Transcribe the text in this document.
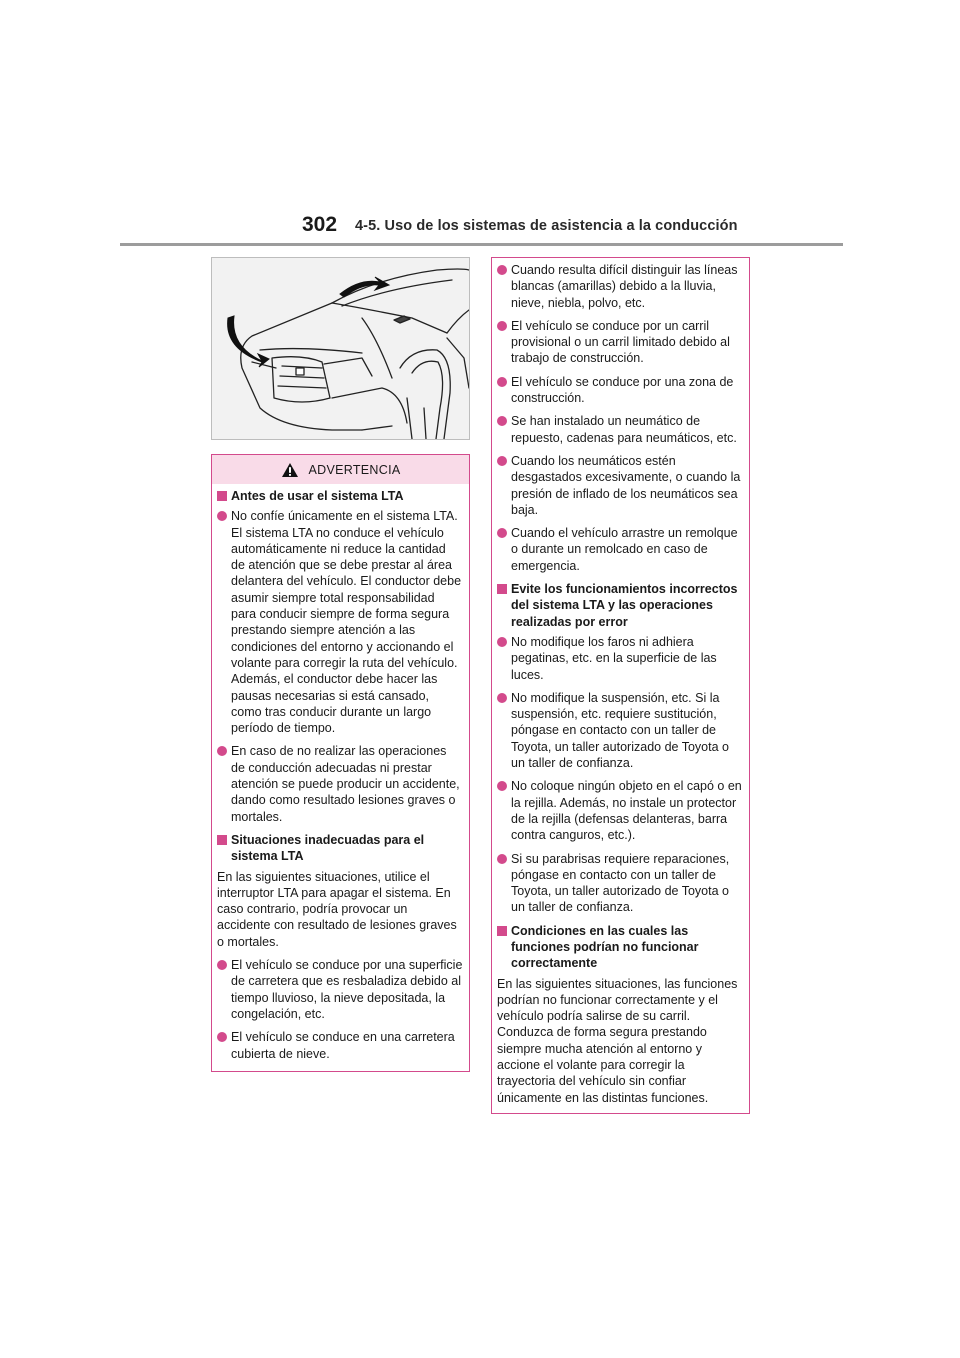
302 4-5. Uso de los sistemas de asistencia a la conducción
ADVERTENCIA
Antes de usar el sistema LTA
No confíe únicamente en el sistema LTA. El sistema LTA no conduce el vehículo automáticamente ni reduce la cantidad de atención que se debe prestar al área delantera del vehículo. El conductor debe asumir siempre total responsabilidad para conducir siempre de forma segura prestando siempre atención a las condiciones del entorno y accionando el volante para corregir la ruta del vehículo. Además, el conductor debe hacer las pausas necesarias si está cansado, como tras conducir durante un largo período de tiempo.
En caso de no realizar las operaciones de conducción adecuadas ni prestar atención se puede producir un accidente, dando como resultado lesiones graves o mortales.
Situaciones inadecuadas para el sistema LTA
En las siguientes situaciones, utilice el interruptor LTA para apagar el sistema. En caso contrario, podría provocar un accidente con resultado de lesiones graves o mortales.
El vehículo se conduce por una superficie de carretera que es resbaladiza debido al tiempo lluvioso, la nieve depositada, la congelación, etc.
El vehículo se conduce en una carretera cubierta de nieve.
Cuando resulta difícil distinguir las líneas blancas (amarillas) debido a la lluvia, nieve, niebla, polvo, etc.
El vehículo se conduce por un carril provisional o un carril limitado debido al trabajo de construcción.
El vehículo se conduce por una zona de construcción.
Se han instalado un neumático de repuesto, cadenas para neumáticos, etc.
Cuando los neumáticos estén desgastados excesivamente, o cuando la presión de inflado de los neumáticos sea baja.
Cuando el vehículo arrastre un remolque o durante un remolcado en caso de emergencia.
Evite los funcionamientos incorrectos del sistema LTA y las operaciones realizadas por error
No modifique los faros ni adhiera pegatinas, etc. en la superficie de las luces.
No modifique la suspensión, etc. Si la suspensión, etc. requiere sustitución, póngase en contacto con un taller de Toyota, un taller autorizado de Toyota o un taller de confianza.
No coloque ningún objeto en el capó o en la rejilla. Además, no instale un protector de la rejilla (defensas delanteras, barra contra canguros, etc.).
Si su parabrisas requiere reparaciones, póngase en contacto con un taller de Toyota, un taller autorizado de Toyota o un taller de confianza.
Condiciones en las cuales las funciones podrían no funcionar correctamente
En las siguientes situaciones, las funciones podrían no funcionar correctamente y el vehículo podría salirse de su carril. Conduzca de forma segura prestando siempre mucha atención al entorno y accione el volante para corregir la trayectoria del vehículo sin confiar únicamente en las distintas funciones.
